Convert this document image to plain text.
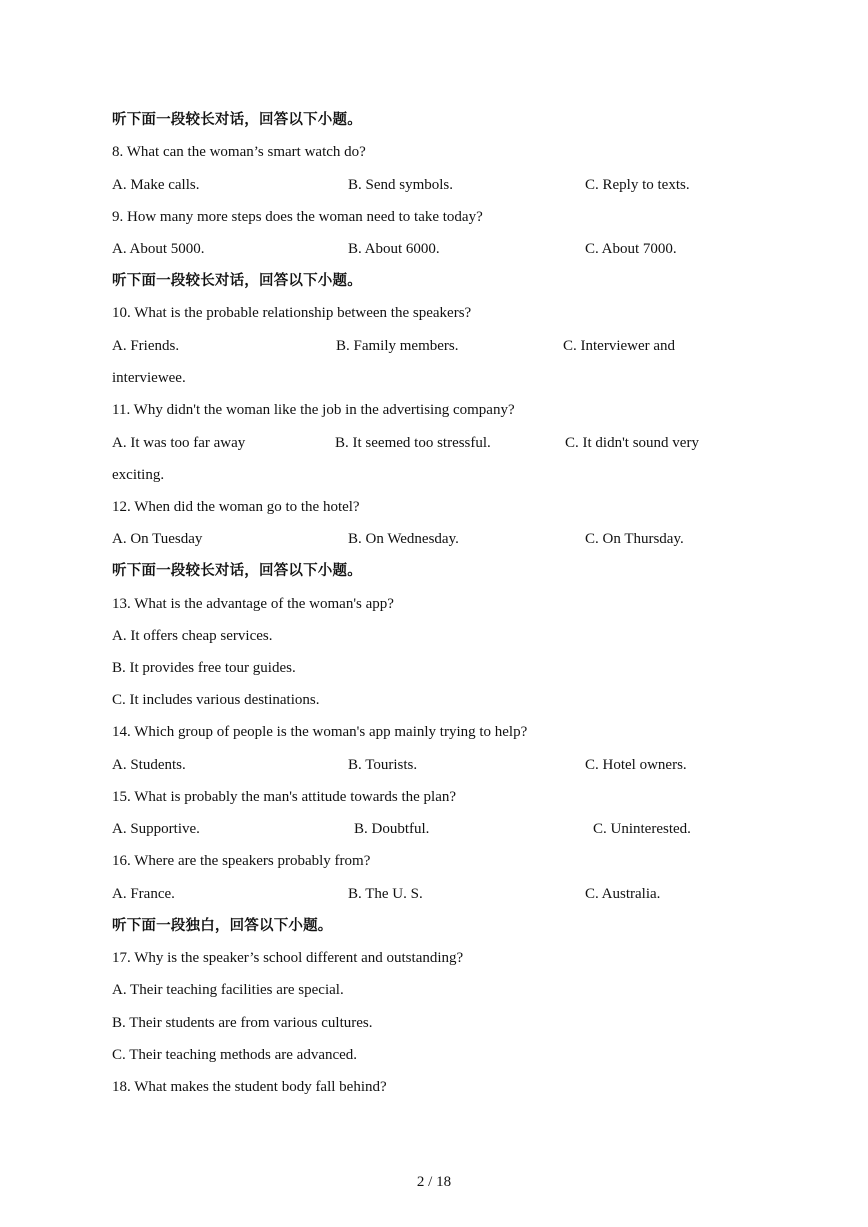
听下面一段较长对话，回答以下小题。
8. What can the woman’s smart watch do?
A. Make calls.	B. Send symbols.	C. Reply to texts.
9. How many more steps does the woman need to take today?
A. About 5000.	B. About 6000.	C. About 7000.
听下面一段较长对话，回答以下小题。
10. What is the probable relationship between the speakers?
A. Friends.	B. Family members.	C. Interviewer and
interviewee.
11. Why didn't the woman like the job in the advertising company?
A. It was too far away	B. It seemed too stressful.	C. It didn't sound very
exciting.
12. When did the woman go to the hotel?
A. On Tuesday	B. On Wednesday.	C. On Thursday.
听下面一段较长对话，回答以下小题。
13. What is the advantage of the woman's app?
A. It offers cheap services.
B. It provides free tour guides.
C. It includes various destinations.
14. Which group of people is the woman's app mainly trying to help?
A. Students.	B. Tourists.	C. Hotel owners.
15. What is probably the man's attitude towards the plan?
A. Supportive.	B. Doubtful.	C. Uninterested.
16. Where are the speakers probably from?
A. France.	B. The U. S.	C. Australia.
听下面一段独白，回答以下小题。
17. Why is the speaker’s school different and outstanding?
A. Their teaching facilities are special.
B. Their students are from various cultures.
C. Their teaching methods are advanced.
18. What makes the student body fall behind?
2 / 18
